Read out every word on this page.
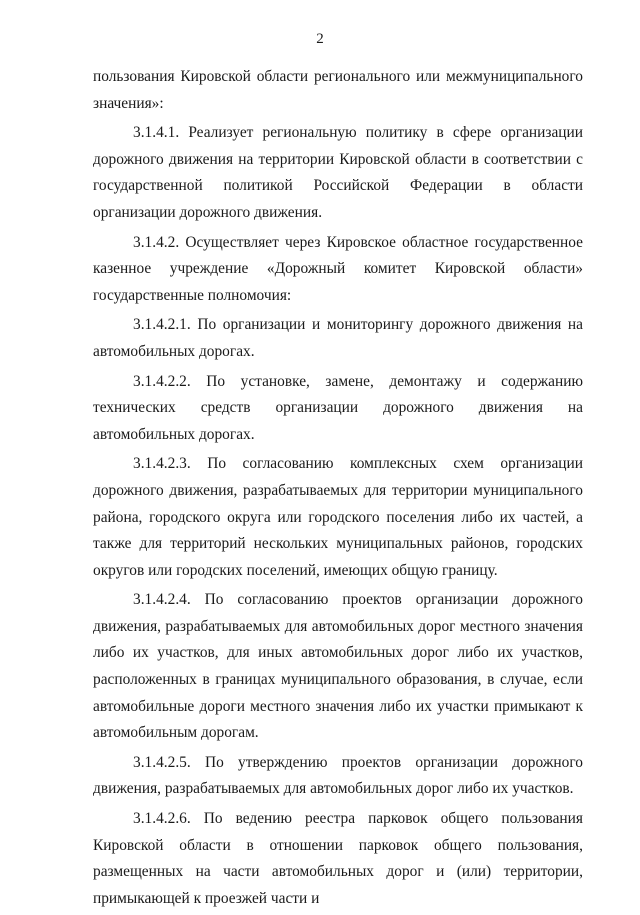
2

пользования Кировской области регионального или межмуниципального значения»:

3.1.4.1. Реализует региональную политику в сфере организации дорожного движения на территории Кировской области в соответствии с государственной политикой Российской Федерации в области организации дорожного движения.

3.1.4.2. Осуществляет через Кировское областное государственное казенное учреждение «Дорожный комитет Кировской области» государственные полномочия:

3.1.4.2.1. По организации и мониторингу дорожного движения на автомобильных дорогах.

3.1.4.2.2. По установке, замене, демонтажу и содержанию технических средств организации дорожного движения на автомобильных дорогах.

3.1.4.2.3. По согласованию комплексных схем организации дорожного движения, разрабатываемых для территории муниципального района, городского округа или городского поселения либо их частей, а также для территорий нескольких муниципальных районов, городских округов или городских поселений, имеющих общую границу.

3.1.4.2.4. По согласованию проектов организации дорожного движения, разрабатываемых для автомобильных дорог местного значения либо их участков, для иных автомобильных дорог либо их участков, расположенных в границах муниципального образования, в случае, если автомобильные дороги местного значения либо их участки примыкают к автомобильным дорогам.

3.1.4.2.5. По утверждению проектов организации дорожного движения, разрабатываемых для автомобильных дорог либо их участков.

3.1.4.2.6. По ведению реестра парковок общего пользования Кировской области в отношении парковок общего пользования, размещенных на части автомобильных дорог и (или) территории, примыкающей к проезжей части и
